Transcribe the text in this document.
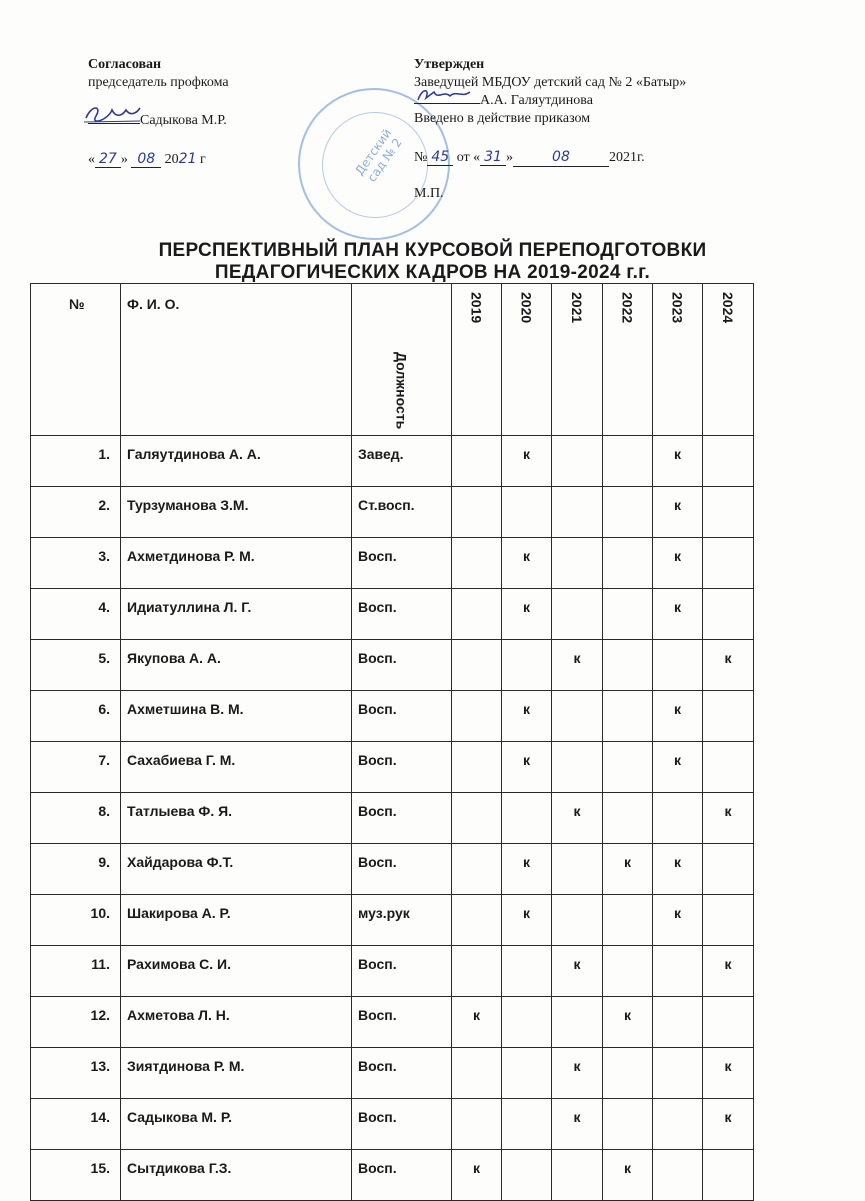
Согласован
председатель профкома
Садыкова М.Р.
« 27 » 08 2021 г	Детский сад № 2
Утвержден
Заведущей МБДОУ детский сад № 2 «Батыр»
А.А. Галяутдинова
Введено в действие приказом
№ 45 от « 31 »	08	2021г.
М.П.
ПЕРСПЕКТИВНЫЙ ПЛАН КУРСОВОЙ ПЕРЕПОДГОТОВКИ
ПЕДАГОГИЧЕСКИХ КАДРОВ НА 2019-2024 г.г.
№	Ф. И. О.	Должность	2019	2020	2021	2022	2023	2024

1.	Галяутдинова А. А.	Завед.		к			к	
2.	Турзуманова З.М.	Ст.восп.					к	
3.	Ахметдинова Р. М.	Восп.		к			к	
4.	Идиатуллина Л. Г.	Восп.		к			к	
5.	Якупова А. А.	Восп.			к			к
6.	Ахметшина В. М.	Восп.		к			к	
7.	Сахабиева Г. М.	Восп.		к			к	
8.	Татлыева Ф. Я.	Восп.			к			к
9.	Хайдарова Ф.Т.	Восп.		к		к	к	
10.	Шакирова А. Р.	муз.рук		к			к	
11.	Рахимова С. И.	Восп.			к			к
12.	Ахметова Л. Н.	Восп.	к			к		
13.	Зиятдинова Р. М.	Восп.			к			к
14.	Садыкова М. Р.	Восп.			к			к
15.	Сытдикова Г.З.	Восп.	к			к		
